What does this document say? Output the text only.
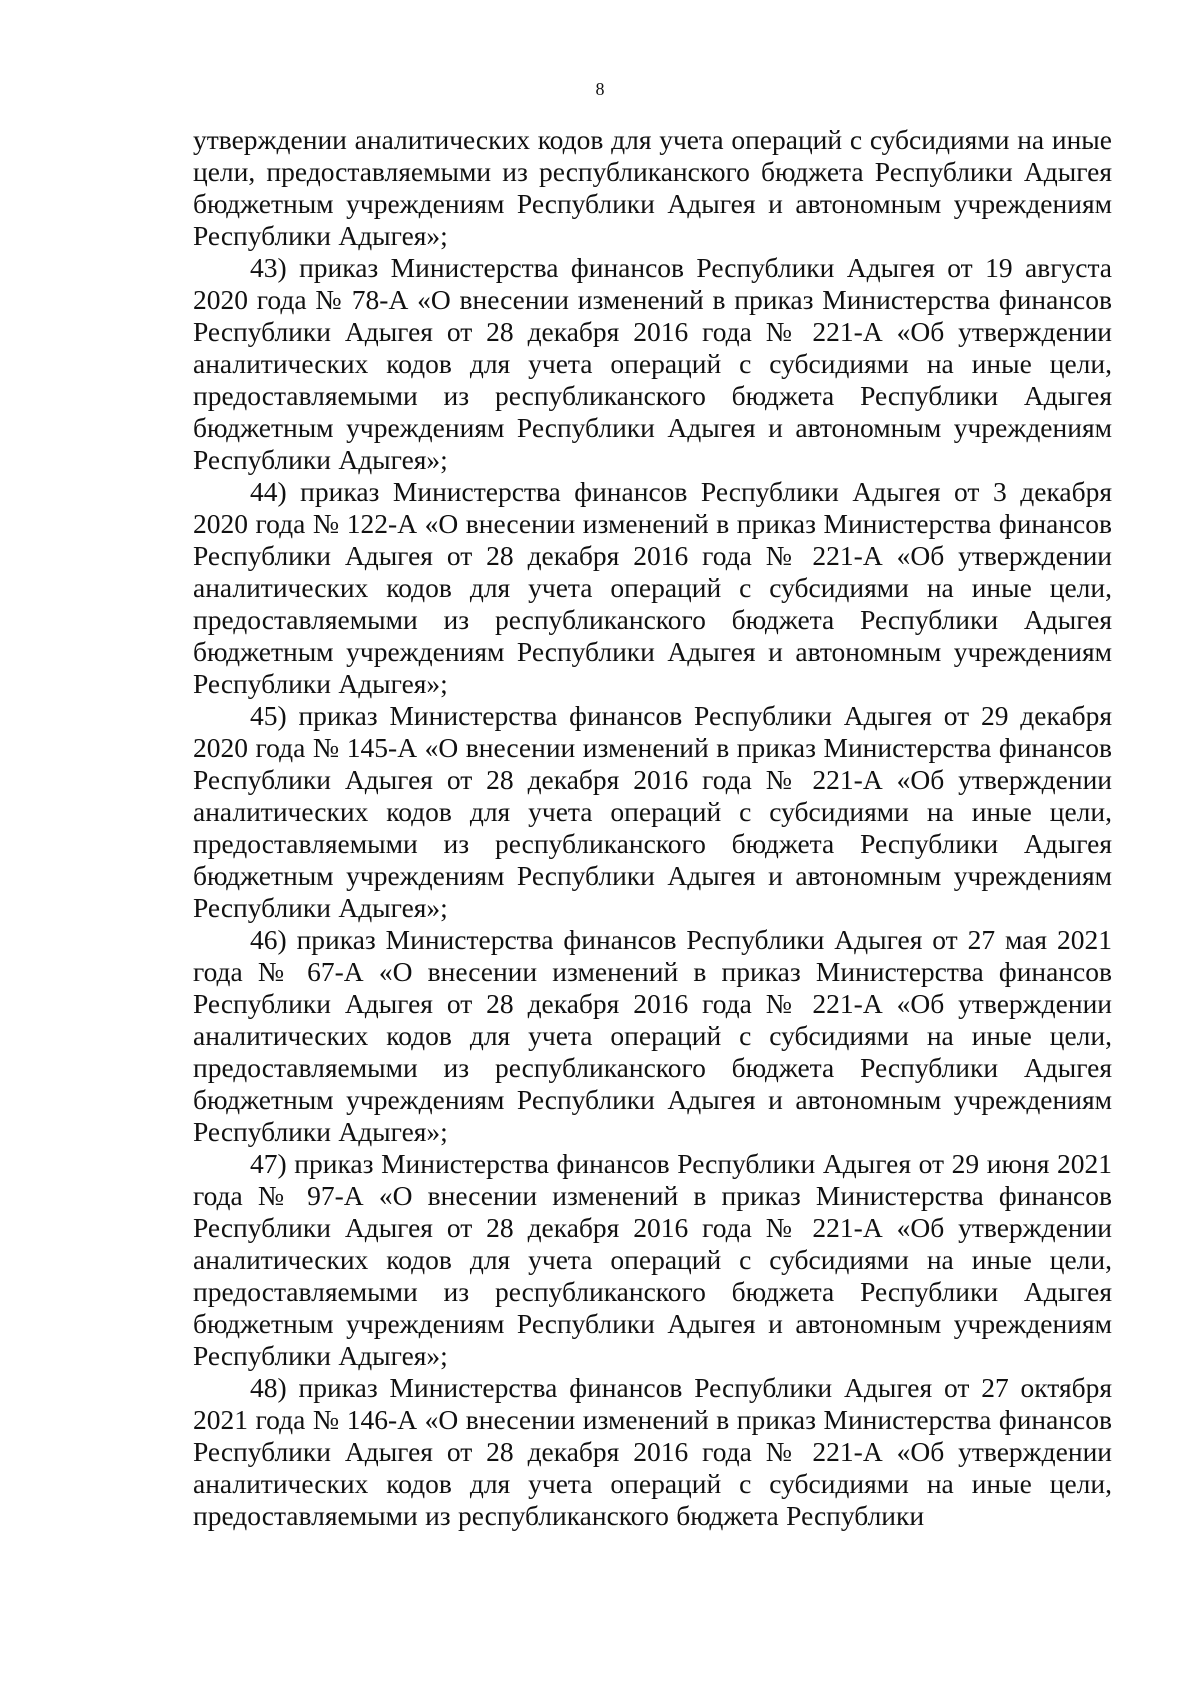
8

утверждении аналитических кодов для учета операций с субсидиями на иные цели, предоставляемыми из республиканского бюджета Республики Адыгея бюджетным учреждениям Республики Адыгея и автономным учреждениям Республики Адыгея»;

43) приказ Министерства финансов Республики Адыгея от 19 августа 2020 года № 78-А «О внесении изменений в приказ Министерства финансов Республики Адыгея от 28 декабря 2016 года № 221-А «Об утверждении аналитических кодов для учета операций с субсидиями на иные цели, предоставляемыми из республиканского бюджета Республики Адыгея бюджетным учреждениям Республики Адыгея и автономным учреждениям Республики Адыгея»;

44) приказ Министерства финансов Республики Адыгея от 3 декабря 2020 года № 122-А «О внесении изменений в приказ Министерства финансов Республики Адыгея от 28 декабря 2016 года № 221-А «Об утверждении аналитических кодов для учета операций с субсидиями на иные цели, предоставляемыми из республиканского бюджета Республики Адыгея бюджетным учреждениям Республики Адыгея и автономным учреждениям Республики Адыгея»;

45) приказ Министерства финансов Республики Адыгея от 29 декабря 2020 года № 145-А «О внесении изменений в приказ Министерства финансов Республики Адыгея от 28 декабря 2016 года № 221-А «Об утверждении аналитических кодов для учета операций с субсидиями на иные цели, предоставляемыми из республиканского бюджета Республики Адыгея бюджетным учреждениям Республики Адыгея и автономным учреждениям Республики Адыгея»;

46) приказ Министерства финансов Республики Адыгея от 27 мая 2021 года № 67-А «О внесении изменений в приказ Министерства финансов Республики Адыгея от 28 декабря 2016 года № 221-А «Об утверждении аналитических кодов для учета операций с субсидиями на иные цели, предоставляемыми из республиканского бюджета Республики Адыгея бюджетным учреждениям Республики Адыгея и автономным учреждениям Республики Адыгея»;

47) приказ Министерства финансов Республики Адыгея от 29 июня 2021 года № 97-А «О внесении изменений в приказ Министерства финансов Республики Адыгея от 28 декабря 2016 года № 221-А «Об утверждении аналитических кодов для учета операций с субсидиями на иные цели, предоставляемыми из республиканского бюджета Республики Адыгея бюджетным учреждениям Республики Адыгея и автономным учреждениям Республики Адыгея»;

48) приказ Министерства финансов Республики Адыгея от 27 октября 2021 года № 146-А «О внесении изменений в приказ Министерства финансов Республики Адыгея от 28 декабря 2016 года № 221-А «Об утверждении аналитических кодов для учета операций с субсидиями на иные цели, предоставляемыми из республиканского бюджета Республики
